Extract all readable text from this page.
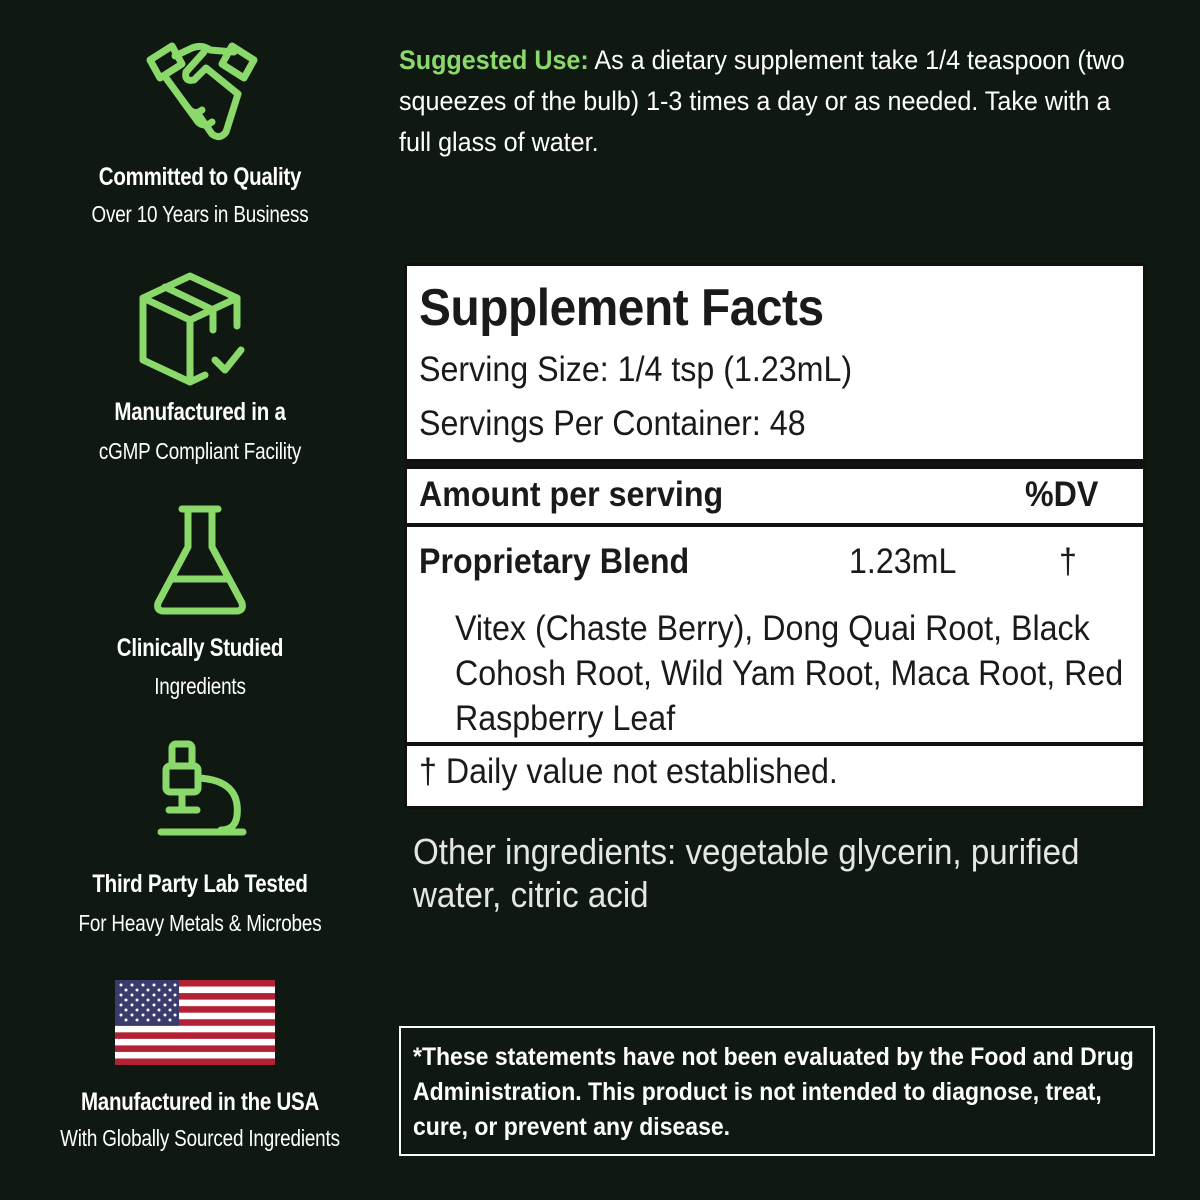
Committed to Quality
Over 10 Years in Business
Manufactured in a
cGMP Compliant Facility
Clinically Studied
Ingredients
Third Party Lab Tested
For Heavy Metals & Microbes
Manufactured in the USA
With Globally Sourced Ingredients
Suggested Use: As a dietary supplement take 1/4 teaspoon (two squeezes of the bulb) 1-3 times a day or as needed. Take with a full glass of water.
Supplement Facts
Serving Size: 1/4 tsp (1.23mL)
Servings Per Container: 48
Amount per serving	%DV
Proprietary Blend	1.23mL	†
Vitex (Chaste Berry), Dong Quai Root, Black Cohosh Root, Wild Yam Root, Maca Root, Red Raspberry Leaf
† Daily value not established.
Other ingredients: vegetable glycerin, purified water, citric acid
*These statements have not been evaluated by the Food and Drug Administration. This product is not intended to diagnose, treat, cure, or prevent any disease.
